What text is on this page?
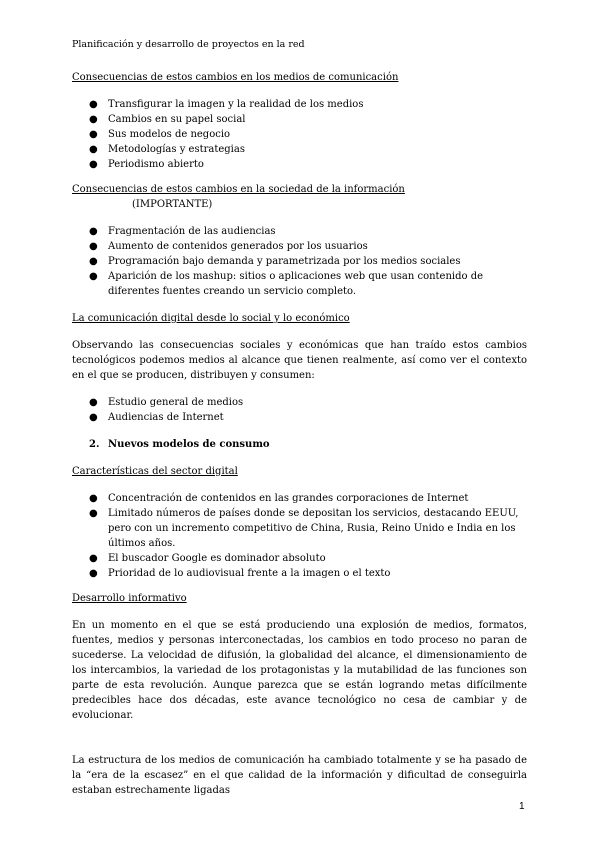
Planificación y desarrollo de proyectos en la red
Consecuencias de estos cambios en los medios de comunicación
● Transfigurar la imagen y la realidad de los medios
● Cambios en su papel social
● Sus modelos de negocio
● Metodologías y estrategias
● Periodismo abierto
Consecuencias de estos cambios en la sociedad de la información(IMPORTANTE)
● Fragmentación de las audiencias
● Aumento de contenidos generados por los usuarios
● Programación bajo demanda y parametrizada por los medios sociales
● Aparición de los mashup: sitios o aplicaciones web que usan contenido de diferentes fuentes creando un servicio completo.
La comunicación digital desde lo social y lo económico

Observando las consecuencias sociales y económicas que han traído estos cambios tecnológicos podemos medios al alcance que tienen realmente, así como ver el contexto en el que se producen, distribuyen y consumen:

● Estudio general de medios
● Audiencias de Internet
2. Nuevos modelos de consumo
Características del sector digital
● Concentración de contenidos en las grandes corporaciones de Internet
● Limitado números de países donde se depositan los servicios, destacando EEUU, pero con un incremento competitivo de China, Rusia, Reino Unido e India en los últimos años.
● El buscador Google es dominador absoluto
● Prioridad de lo audiovisual frente a la imagen o el texto
Desarrollo informativo

En un momento en el que se está produciendo una explosión de medios, formatos, fuentes, medios y personas interconectadas, los cambios en todo proceso no paran de sucederse. La velocidad de difusión, la globalidad del alcance, el dimensionamiento de los intercambios, la variedad de los protagonistas y la mutabilidad de las funciones son parte de esta revolución. Aunque parezca que se están logrando metas difícilmente predecibles hace dos décadas, este avance tecnológico no cesa de cambiar y de evolucionar.

La estructura de los medios de comunicación ha cambiado totalmente y se ha pasado de la “era de la escasez” en el que calidad de la información y dificultad de conseguirla estaban estrechamente ligadas

1
